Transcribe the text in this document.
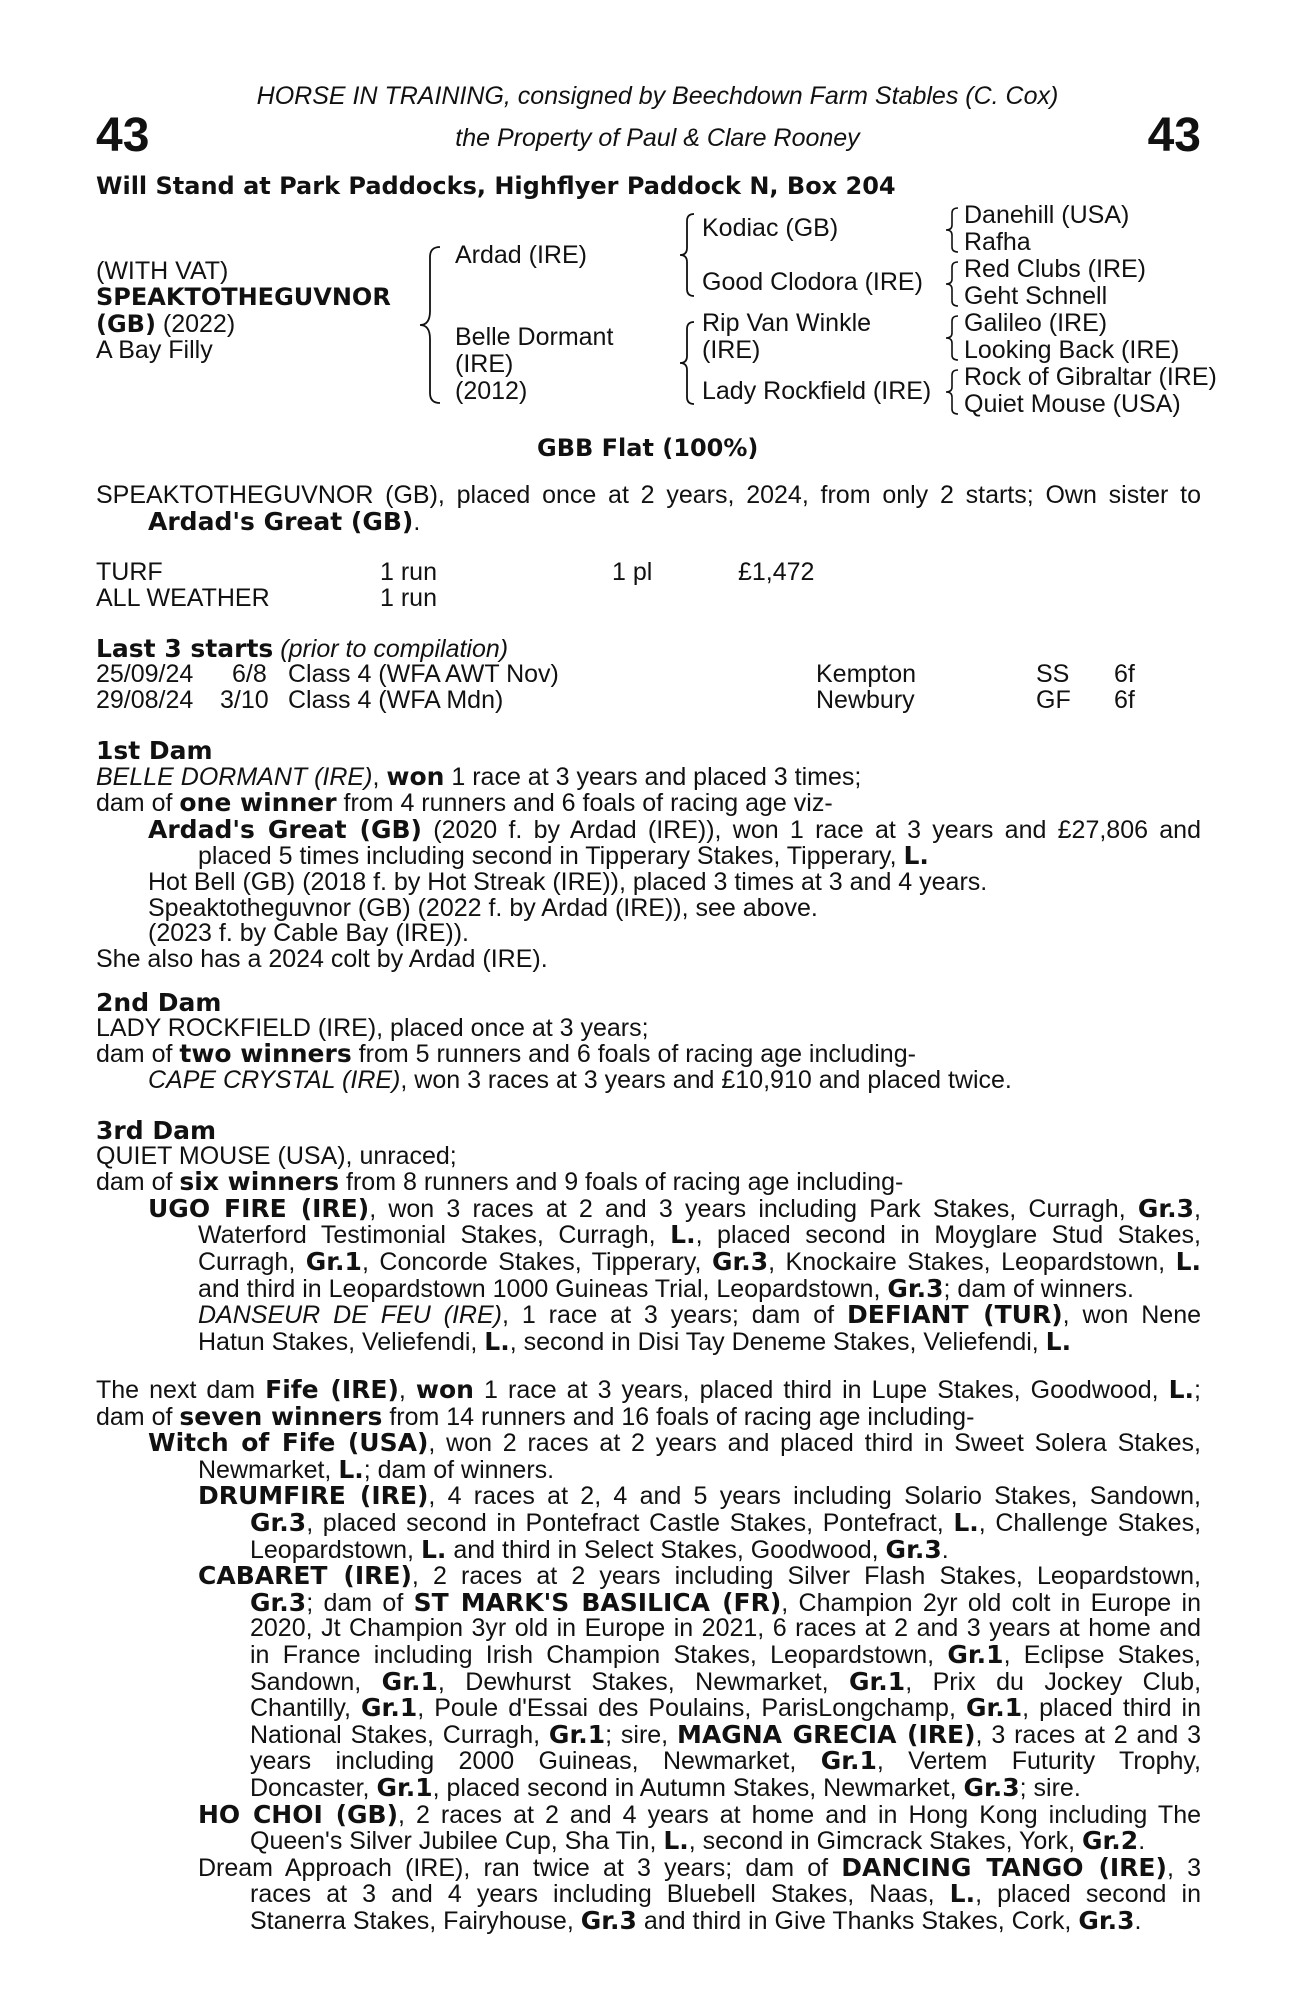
43	43
HORSE IN TRAINING, consigned by Beechdown Farm Stables (C. Cox)
the Property of Paul & Clare Rooney
Will Stand at Park Paddocks, Highflyer Paddock N, Box 204
(WITH VAT)
SPEAKTOTHEGUVNOR
(GB) (2022)
A Bay Filly
Ardad (IRE)
Belle Dormant
(IRE)
(2012)
Kodiac (GB)
Good Clodora (IRE)
Rip Van Winkle
(IRE)
Lady Rockfield (IRE)
Danehill (USA)
Rafha
Red Clubs (IRE)
Geht Schnell
Galileo (IRE)
Looking Back (IRE)
Rock of Gibraltar (IRE)
Quiet Mouse (USA)
GBB Flat (100%)
SPEAKTOTHEGUVNOR (GB), placed once at 2 years, 2024, from only 2 starts; Own sister to
Ardad's Great (GB).
TURF	1 run	1 pl	£1,472
ALL WEATHER	1 run
Last 3 starts (prior to compilation)
25/09/24 6/8 Class 4 (WFA AWT Nov)	Kempton	SS 6f
29/08/24 3/10 Class 4 (WFA Mdn)	Newbury	GF 6f
1st Dam
BELLE DORMANT (IRE), won 1 race at 3 years and placed 3 times;
dam of one winner from 4 runners and 6 foals of racing age viz-
Ardad's Great (GB) (2020 f. by Ardad (IRE)), won 1 race at 3 years and £27,806 and
placed 5 times including second in Tipperary Stakes, Tipperary, L.
Hot Bell (GB) (2018 f. by Hot Streak (IRE)), placed 3 times at 3 and 4 years.
Speaktotheguvnor (GB) (2022 f. by Ardad (IRE)), see above.
(2023 f. by Cable Bay (IRE)).
She also has a 2024 colt by Ardad (IRE).
2nd Dam
LADY ROCKFIELD (IRE), placed once at 3 years;
dam of two winners from 5 runners and 6 foals of racing age including-
CAPE CRYSTAL (IRE), won 3 races at 3 years and £10,910 and placed twice.
3rd Dam
QUIET MOUSE (USA), unraced;
dam of six winners from 8 runners and 9 foals of racing age including-
UGO FIRE (IRE), won 3 races at 2 and 3 years including Park Stakes, Curragh, Gr.3,
Waterford Testimonial Stakes, Curragh, L., placed second in Moyglare Stud Stakes,
Curragh, Gr.1, Concorde Stakes, Tipperary, Gr.3, Knockaire Stakes, Leopardstown, L.
and third in Leopardstown 1000 Guineas Trial, Leopardstown, Gr.3; dam of winners.
DANSEUR DE FEU (IRE), 1 race at 3 years; dam of DEFIANT (TUR), won Nene
Hatun Stakes, Veliefendi, L., second in Disi Tay Deneme Stakes, Veliefendi, L.
The next dam Fife (IRE), won 1 race at 3 years, placed third in Lupe Stakes, Goodwood, L.;
dam of seven winners from 14 runners and 16 foals of racing age including-
Witch of Fife (USA), won 2 races at 2 years and placed third in Sweet Solera Stakes,
Newmarket, L.; dam of winners.
DRUMFIRE (IRE), 4 races at 2, 4 and 5 years including Solario Stakes, Sandown,
Gr.3, placed second in Pontefract Castle Stakes, Pontefract, L., Challenge Stakes,
Leopardstown, L. and third in Select Stakes, Goodwood, Gr.3.
CABARET (IRE), 2 races at 2 years including Silver Flash Stakes, Leopardstown,
Gr.3; dam of ST MARK'S BASILICA (FR), Champion 2yr old colt in Europe in
2020, Jt Champion 3yr old in Europe in 2021, 6 races at 2 and 3 years at home and
in France including Irish Champion Stakes, Leopardstown, Gr.1, Eclipse Stakes,
Sandown, Gr.1, Dewhurst Stakes, Newmarket, Gr.1, Prix du Jockey Club,
Chantilly, Gr.1, Poule d'Essai des Poulains, ParisLongchamp, Gr.1, placed third in
National Stakes, Curragh, Gr.1; sire, MAGNA GRECIA (IRE), 3 races at 2 and 3
years including 2000 Guineas, Newmarket, Gr.1, Vertem Futurity Trophy,
Doncaster, Gr.1, placed second in Autumn Stakes, Newmarket, Gr.3; sire.
HO CHOI (GB), 2 races at 2 and 4 years at home and in Hong Kong including The
Queen's Silver Jubilee Cup, Sha Tin, L., second in Gimcrack Stakes, York, Gr.2.
Dream Approach (IRE), ran twice at 3 years; dam of DANCING TANGO (IRE), 3
races at 3 and 4 years including Bluebell Stakes, Naas, L., placed second in
Stanerra Stakes, Fairyhouse, Gr.3 and third in Give Thanks Stakes, Cork, Gr.3.
